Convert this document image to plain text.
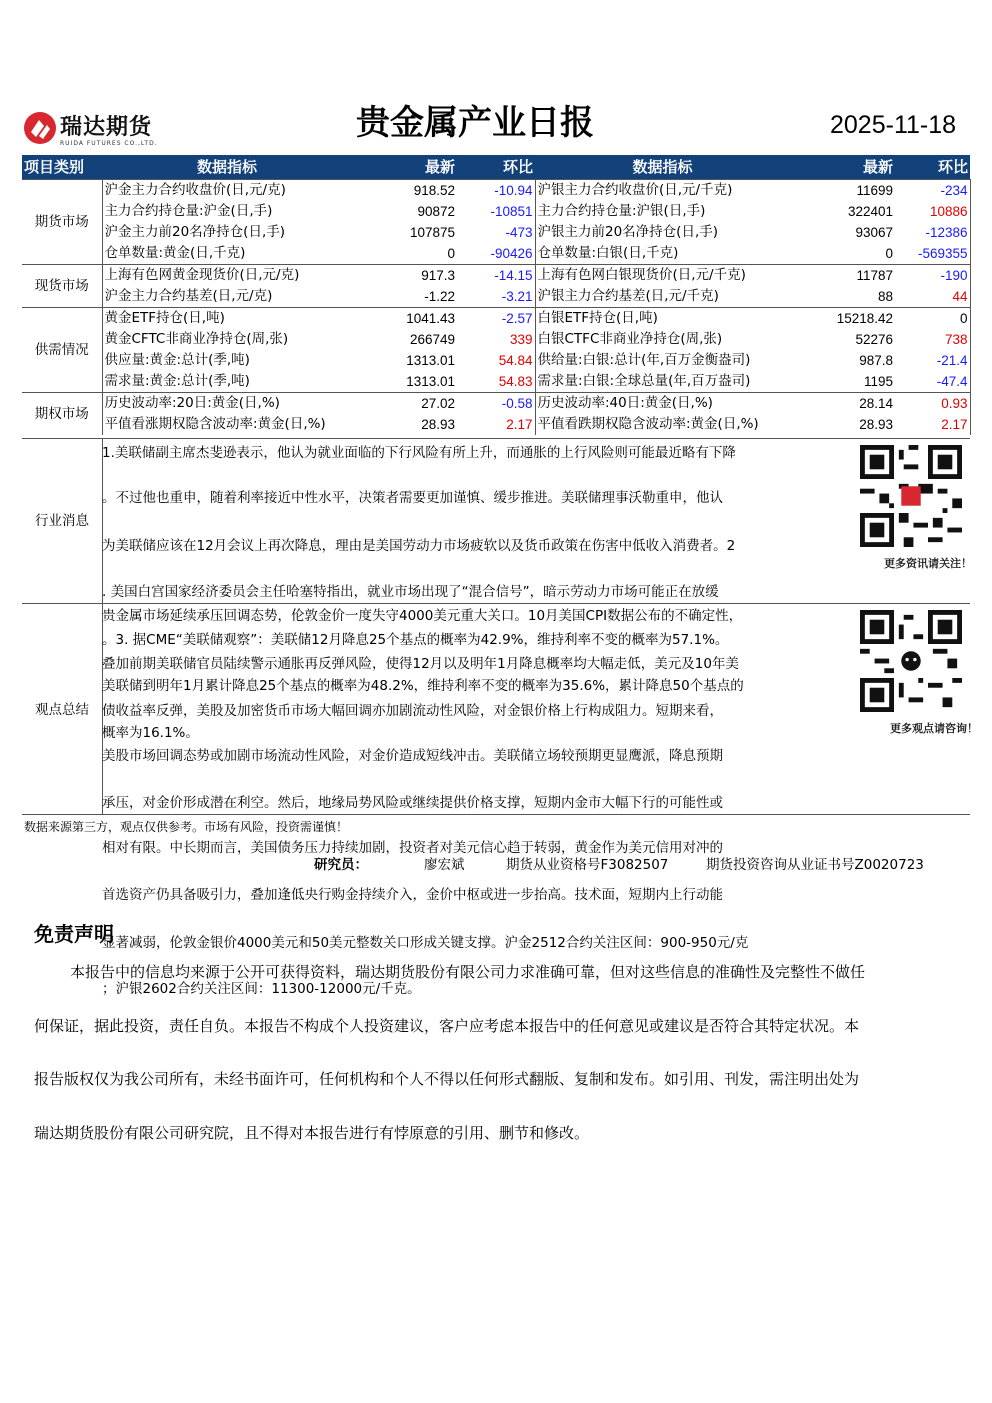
瑞达期货
RUIDA FUTURES CO.,LTD.
贵金属产业日报	2025-11-18
项目类别	数据指标	最新	环比	数据指标	最新	环比
期货市场	沪金主力合约收盘价(日,元/克)	918.52	-10.94	沪银主力合约收盘价(日,元/千克)	11699	-234
	主力合约持仓量:沪金(日,手)	90872	-10851	主力合约持仓量:沪银(日,手)	322401	10886
	沪金主力前20名净持仓(日,手)	107875	-473	沪银主力前20名净持仓(日,手)	93067	-12386
	仓单数量:黄金(日,千克)	0	-90426	仓单数量:白银(日,千克)	0	-569355
现货市场	上海有色网黄金现货价(日,元/克)	917.3	-14.15	上海有色网白银现货价(日,元/千克)	11787	-190
	沪金主力合约基差(日,元/克)	-1.22	-3.21	沪银主力合约基差(日,元/千克)	88	44
供需情况	黄金ETF持仓(日,吨)	1041.43	-2.57	白银ETF持仓(日,吨)	15218.42	0
	黄金CFTC非商业净持仓(周,张)	266749	339	白银CTFC非商业净持仓(周,张)	52276	738
	供应量:黄金:总计(季,吨)	1313.01	54.84	供给量:白银:总计(年,百万金衡盎司)	987.8	-21.4
	需求量:黄金:总计(季,吨)	1313.01	54.83	需求量:白银:全球总量(年,百万盎司)	1195	-47.4
期权市场	历史波动率:20日:黄金(日,%)	27.02	-0.58	历史波动率:40日:黄金(日,%)	28.14	0.93
	平值看涨期权隐含波动率:黄金(日,%)	28.93	2.17	平值看跌期权隐含波动率:黄金(日,%)	28.93	2.17
行业消息
1.美联储副主席杰斐逊表示，他认为就业面临的下行风险有所上升，而通胀的上行风险则可能最近略有下降
。不过他也重申，随着利率接近中性水平，决策者需要更加谨慎、缓步推进。美联储理事沃勒重申，他认
为美联储应该在12月会议上再次降息，理由是美国劳动力市场疲软以及货币政策在伤害中低收入消费者。2
. 美国白宫国家经济委员会主任哈塞特指出，就业市场出现了“混合信号”，暗示劳动力市场可能正在放缓
更多资讯请关注！
观点总结
贵金属市场延续承压回调态势，伦敦金价一度失守4000美元重大关口。10月美国CPI数据公布的不确定性，
。3. 据CME“美联储观察”：美联储12月降息25个基点的概率为42.9%，维持利率不变的概率为57.1%。
叠加前期美联储官员陆续警示通胀再反弹风险，使得12月以及明年1月降息概率均大幅走低，美元及10年美
美联储到明年1月累计降息25个基点的概率为48.2%，维持利率不变的概率为35.6%，累计降息50个基点的
债收益率反弹，美股及加密货币市场大幅回调亦加剧流动性风险，对金银价格上行构成阻力。短期来看，
概率为16.1%。
美股市场回调态势或加剧市场流动性风险，对金价造成短线冲击。美联储立场较预期更显鹰派，降息预期
承压，对金价形成潜在利空。然后，地缘局势风险或继续提供价格支撑，短期内金市大幅下行的可能性或
更多观点请咨询！
数据来源第三方，观点仅供参考。市场有风险，投资需谨慎！
相对有限。中长期而言，美国债务压力持续加剧，投资者对美元信心趋于转弱，黄金作为美元信用对冲的
研究员：	廖宏斌	期货从业资格号F3082507	期货投资咨询从业证书号Z0020723
首选资产仍具备吸引力，叠加逢低央行购金持续介入，金价中枢或进一步抬高。技术面，短期内上行动能
显著减弱，伦敦金银价4000美元和50美元整数关口形成关键支撑。沪金2512合约关注区间：900-950元/克
；沪银2602合约关注区间：11300-12000元/千克。
免责声明
本报告中的信息均来源于公开可获得资料，瑞达期货股份有限公司力求准确可靠，但对这些信息的准确性及完整性不做任
何保证，据此投资，责任自负。本报告不构成个人投资建议，客户应考虑本报告中的任何意见或建议是否符合其特定状况。本
报告版权仅为我公司所有，未经书面许可，任何机构和个人不得以任何形式翻版、复制和发布。如引用、刊发，需注明出处为
瑞达期货股份有限公司研究院，且不得对本报告进行有悖原意的引用、删节和修改。
